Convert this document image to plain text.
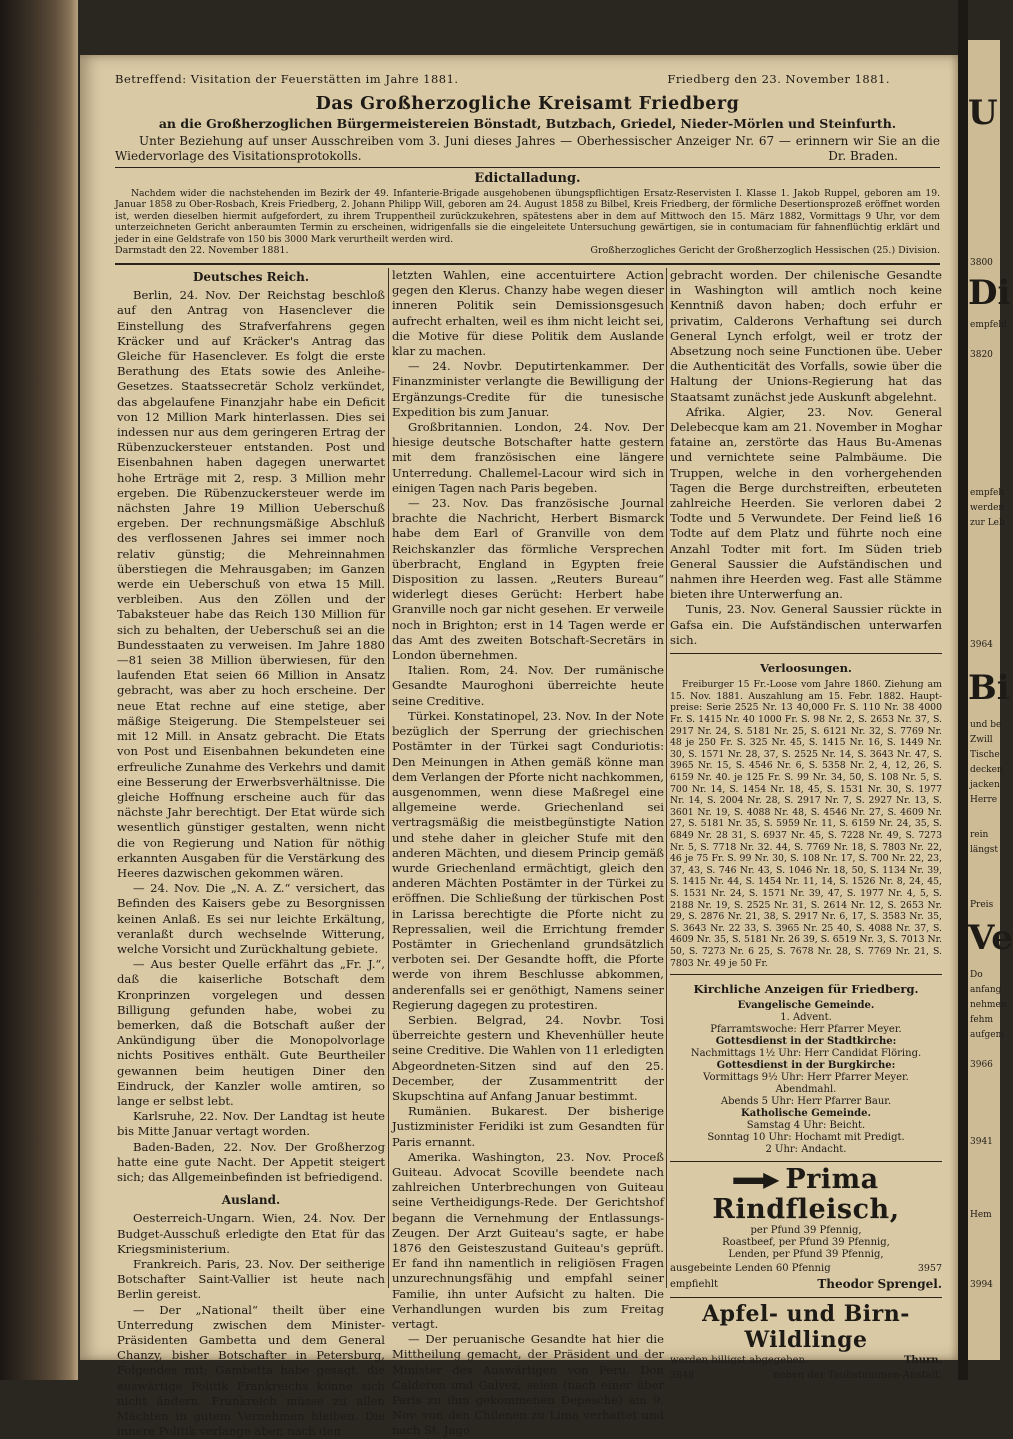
U
3800
Di
empfehl
3820
empfeh
werden
zur Leb
3964
Bi
und be
Zwill
Tische
decken
jacken
Herre
rein
längst
Preis
Ve
Do
anfang
nehmen
fehm
aufgem
3966
3941
Hem
3994
Betreffend: Visitation der Feuerstätten im Jahre 1881.	Friedberg den 23. November 1881.
Das Großherzogliche Kreisamt Friedberg
an die Großherzoglichen Bürgermeistereien Bönstadt, Butzbach, Griedel, Nieder-Mörlen und Steinfurth.
Unter Beziehung auf unser Ausschreiben vom 3. Juni dieses Jahres — Oberhessischer Anzeiger Nr. 67 — erinnern wir Sie an die Wiedervorlage des Visitationsprotokolls.	Dr. Braden.
Edictalladung.
Nachdem wider die nachstehenden im Bezirk der 49. Infanterie-Brigade ausgehobenen übungspflichtigen Ersatz-Reservisten I. Klasse 1. Jakob Ruppel, geboren am 19. Januar 1858 zu Ober-Rosbach, Kreis Friedberg, 2. Johann Philipp Will, geboren am 24. August 1858 zu Bilbel, Kreis Friedberg, der förmliche Desertionsprozeß eröffnet worden ist, werden dieselben hiermit aufgefordert, zu ihrem Truppentheil zurückzukehren, spätestens aber in dem auf Mittwoch den 15. März 1882, Vormittags 9 Uhr, vor dem unterzeichneten Gericht anberaumten Termin zu erscheinen, widrigenfalls sie die eingeleitete Untersuchung gewärtigen, sie in contumaciam für fahnenflüchtig erklärt und jeder in eine Geldstrafe von 150 bis 3000 Mark verurtheilt werden wird.
Darmstadt den 22. November 1881.	Großherzogliches Gericht der Großherzoglich Hessischen (25.) Division.
Deutsches Reich.

Berlin, 24. Nov. Der Reichstag beschloß auf den Antrag von Hasenclever die Einstellung des Strafverfahrens gegen Kräcker und auf Kräcker's Antrag das Gleiche für Hasenclever. Es folgt die erste Berathung des Etats sowie des Anleihe-Gesetzes. Staatssecretär Scholz verkündet, das abgelaufene Finanzjahr habe ein Deficit von 12 Million Mark hinterlassen. Dies sei indessen nur aus dem geringeren Ertrag der Rübenzuckersteuer entstanden. Post und Eisenbahnen haben dagegen unerwartet hohe Erträge mit 2, resp. 3 Million mehr ergeben. Die Rübenzuckersteuer werde im nächsten Jahre 19 Million Ueberschuß ergeben. Der rechnungsmäßige Abschluß des verflossenen Jahres sei immer noch relativ günstig; die Mehreinnahmen überstiegen die Mehrausgaben; im Ganzen werde ein Ueberschuß von etwa 15 Mill. verbleiben. Aus den Zöllen und der Tabaksteuer habe das Reich 130 Million für sich zu behalten, der Ueberschuß sei an die Bundesstaaten zu verweisen. Im Jahre 1880—81 seien 38 Million überwiesen, für den laufenden Etat seien 66 Million in Ansatz gebracht, was aber zu hoch erscheine. Der neue Etat rechne auf eine stetige, aber mäßige Steigerung. Die Stempelsteuer sei mit 12 Mill. in Ansatz gebracht. Die Etats von Post und Eisenbahnen bekundeten eine erfreuliche Zunahme des Verkehrs und damit eine Besserung der Erwerbsverhältnisse. Die gleiche Hoffnung erscheine auch für das nächste Jahr berechtigt. Der Etat würde sich wesentlich günstiger gestalten, wenn nicht die von Regierung und Nation für nöthig erkannten Ausgaben für die Verstärkung des Heeres dazwischen gekommen wären.

— 24. Nov. Die „N. A. Z.“ versichert, das Befinden des Kaisers gebe zu Besorgnissen keinen Anlaß. Es sei nur leichte Erkältung, veranlaßt durch wechselnde Witterung, welche Vorsicht und Zurückhaltung gebiete.

— Aus bester Quelle erfährt das „Fr. J.“, daß die kaiserliche Botschaft dem Kronprinzen vorgelegen und dessen Billigung gefunden habe, wobei zu bemerken, daß die Botschaft außer der Ankündigung über die Monopolvorlage nichts Positives enthält. Gute Beurtheiler gewannen beim heutigen Diner den Eindruck, der Kanzler wolle amtiren, so lange er selbst lebt.

Karlsruhe, 22. Nov. Der Landtag ist heute bis Mitte Januar vertagt worden.

Baden-Baden, 22. Nov. Der Großherzog hatte eine gute Nacht. Der Appetit steigert sich; das Allgemeinbefinden ist befriedigend.

Ausland.

Oesterreich-Ungarn. Wien, 24. Nov. Der Budget-Ausschuß erledigte den Etat für das Kriegsministerium.

Frankreich. Paris, 23. Nov. Der seitherige Botschafter Saint-Vallier ist heute nach Berlin gereist.

— Der „National“ theilt über eine Unterredung zwischen dem Minister-Präsidenten Gambetta und dem General Chanzy, bisher Botschafter in Petersburg, Folgendes mit: Gambetta habe gesagt, die auswärtige Politik Frankreichs könne sich nicht ändern. Frankreich müsse zu allen Mächten in gutem Vernehmen bleiben. Die innere Politik verlange aber, nach den

letzten Wahlen, eine accentuirtere Action gegen den Klerus. Chanzy habe wegen dieser inneren Politik sein Demissionsgesuch aufrecht erhalten, weil es ihm nicht leicht sei, die Motive für diese Politik dem Auslande klar zu machen.

— 24. Novbr. Deputirtenkammer. Der Finanzminister verlangte die Bewilligung der Ergänzungs-Credite für die tunesische Expedition bis zum Januar.

Großbritannien. London, 24. Nov. Der hiesige deutsche Botschafter hatte gestern mit dem französischen eine längere Unterredung. Challemel-Lacour wird sich in einigen Tagen nach Paris begeben.

— 23. Nov. Das französische Journal brachte die Nachricht, Herbert Bismarck habe dem Earl of Granville von dem Reichskanzler das förmliche Versprechen überbracht, England in Egypten freie Disposition zu lassen. „Reuters Bureau“ widerlegt dieses Gerücht: Herbert habe Granville noch gar nicht gesehen. Er verweile noch in Brighton; erst in 14 Tagen werde er das Amt des zweiten Botschaft-Secretärs in London übernehmen.

Italien. Rom, 24. Nov. Der rumänische Gesandte Mauroghoni überreichte heute seine Creditive.

Türkei. Konstatinopel, 23. Nov. In der Note bezüglich der Sperrung der griechischen Postämter in der Türkei sagt Conduriotis: Den Meinungen in Athen gemäß könne man dem Verlangen der Pforte nicht nachkommen, ausgenommen, wenn diese Maßregel eine allgemeine werde. Griechenland sei vertragsmäßig die meistbegünstigte Nation und stehe daher in gleicher Stufe mit den anderen Mächten, und diesem Princip gemäß wurde Griechenland ermächtigt, gleich den anderen Mächten Postämter in der Türkei zu eröffnen. Die Schließung der türkischen Post in Larissa berechtigte die Pforte nicht zu Repressalien, weil die Errichtung fremder Postämter in Griechenland grundsätzlich verboten sei. Der Gesandte hofft, die Pforte werde von ihrem Beschlusse abkommen, anderenfalls sei er genöthigt, Namens seiner Regierung dagegen zu protestiren.

Serbien. Belgrad, 24. Novbr. Tosi überreichte gestern und Khevenhüller heute seine Creditive. Die Wahlen von 11 erledigten Abgeordneten-Sitzen sind auf den 25. December, der Zusammentritt der Skupschtina auf Anfang Januar bestimmt.

Rumänien. Bukarest. Der bisherige Justizminister Feridiki ist zum Gesandten für Paris ernannt.

Amerika. Washington, 23. Nov. Proceß Guiteau. Advocat Scoville beendete nach zahlreichen Unterbrechungen von Guiteau seine Vertheidigungs-Rede. Der Gerichtshof begann die Vernehmung der Entlassungs-Zeugen. Der Arzt Guiteau's sagte, er habe 1876 den Geisteszustand Guiteau's geprüft. Er fand ihn namentlich in religiösen Fragen unzurechnungsfähig und empfahl seiner Familie, ihn unter Aufsicht zu halten. Die Verhandlungen wurden bis zum Freitag vertagt.

— Der peruanische Gesandte hat hier die Mittheilung gemacht, der Präsident und der Minister des Auswärtigen von Peru, Don Calderon und Galvez, seien (nach einer über Paris zu ihm gekommenen Depesche) am 9. Nov. von den Chilenen zu Lima verhaftet und nach St. Jago

gebracht worden. Der chilenische Gesandte in Washington will amtlich noch keine Kenntniß davon haben; doch erfuhr er privatim, Calderons Verhaftung sei durch General Lynch erfolgt, weil er trotz der Absetzung noch seine Functionen übe. Ueber die Authenticität des Vorfalls, sowie über die Haltung der Unions-Regierung hat das Staatsamt zunächst jede Auskunft abgelehnt.

Afrika. Algier, 23. Nov. General Delebecque kam am 21. November in Moghar fataine an, zerstörte das Haus Bu-Amenas und vernichtete seine Palmbäume. Die Truppen, welche in den vorhergehenden Tagen die Berge durchstreiften, erbeuteten zahlreiche Heerden. Sie verloren dabei 2 Todte und 5 Verwundete. Der Feind ließ 16 Todte auf dem Platz und führte noch eine Anzahl Todter mit fort. Im Süden trieb General Saussier die Aufständischen und nahmen ihre Heerden weg. Fast alle Stämme bieten ihre Unterwerfung an.

Tunis, 23. Nov. General Saussier rückte in Gafsa ein. Die Aufständischen unterwarfen sich.

Verloosungen.

Freiburger 15 Fr.-Loose vom Jahre 1860. Ziehung am 15. Nov. 1881. Auszahlung am 15. Febr. 1882. Hauptpreise: Serie 2525 Nr. 13 40,000 Fr. S. 110 Nr. 38 4000 Fr. S. 1415 Nr. 40 1000 Fr. S. 98 Nr. 2, S. 2653 Nr. 37, S. 2917 Nr. 24, S. 5181 Nr. 25, S. 6121 Nr. 32, S. 7769 Nr. 48 je 250 Fr. S. 325 Nr. 45, S. 1415 Nr. 16, S. 1449 Nr. 30, S. 1571 Nr. 28, 37, S. 2525 Nr. 14, S. 3643 Nr. 47, S. 3965 Nr. 15, S. 4546 Nr. 6, S. 5358 Nr. 2, 4, 12, 26, S. 6159 Nr. 40. je 125 Fr. S. 99 Nr. 34, 50, S. 108 Nr. 5, S. 700 Nr. 14, S. 1454 Nr. 18, 45, S. 1531 Nr. 30, S. 1977 Nr. 14, S. 2004 Nr. 28, S. 2917 Nr. 7, S. 2927 Nr. 13, S. 3601 Nr. 19, S. 4088 Nr. 48, S. 4546 Nr. 27, S. 4609 Nr. 27, S. 5181 Nr. 35, S. 5959 Nr. 11, S. 6159 Nr. 24, 35, S. 6849 Nr. 28 31, S. 6937 Nr. 45, S. 7228 Nr. 49, S. 7273 Nr. 5, S. 7718 Nr. 32. 44, S. 7769 Nr. 18, S. 7803 Nr. 22, 46 je 75 Fr. S. 99 Nr. 30, S. 108 Nr. 17, S. 700 Nr. 22, 23, 37, 43, S. 746 Nr. 43, S. 1046 Nr. 18, 50, S. 1134 Nr. 39, S. 1415 Nr. 44, S. 1454 Nr. 11, 14, S. 1526 Nr. 8, 24, 45, S. 1531 Nr. 24, S. 1571 Nr. 39, 47, S. 1977 Nr. 4, 5, S. 2188 Nr. 19, S. 2525 Nr. 31, S. 2614 Nr. 12, S. 2653 Nr. 29, S. 2876 Nr. 21, 38, S. 2917 Nr. 6, 17, S. 3583 Nr. 35, S. 3643 Nr. 22 33, S. 3965 Nr. 25 40, S. 4088 Nr. 37, S. 4609 Nr. 35, S. 5181 Nr. 26 39, S. 6519 Nr. 3, S. 7013 Nr. 50, S. 7273 Nr. 6 25, S. 7678 Nr. 28, S. 7769 Nr. 21, S. 7803 Nr. 49 je 50 Fr.

Kirchliche Anzeigen für Friedberg.
Evangelische Gemeinde.
1. Advent.
Pfarramtswoche: Herr Pfarrer Meyer.
Gottesdienst in der Stadtkirche:
Nachmittags 1½ Uhr: Herr Candidat Flöring.
Gottesdienst in der Burgkirche:
Vormittags 9½ Uhr: Herr Pfarrer Meyer.
Abendmahl.
Abends 5 Uhr: Herr Pfarrer Baur.
Katholische Gemeinde.
Samstag 4 Uhr: Beicht.
Sonntag 10 Uhr: Hochamt mit Predigt.
2 Uhr: Andacht.
Prima Rindfleisch,
per Pfund 39 Pfennig,
Roastbeef, per Pfund 39 Pfennig,
Lenden, per Pfund 39 Pfennig,
ausgebeinte Lenden 60 Pfennig	3957
empfiehlt	Theodor Sprengel.
Apfel- und Birn-Wildlinge
werden billigst abgegeben.	Thurn.
3848	neben der Taubstummen-Anstalt.
